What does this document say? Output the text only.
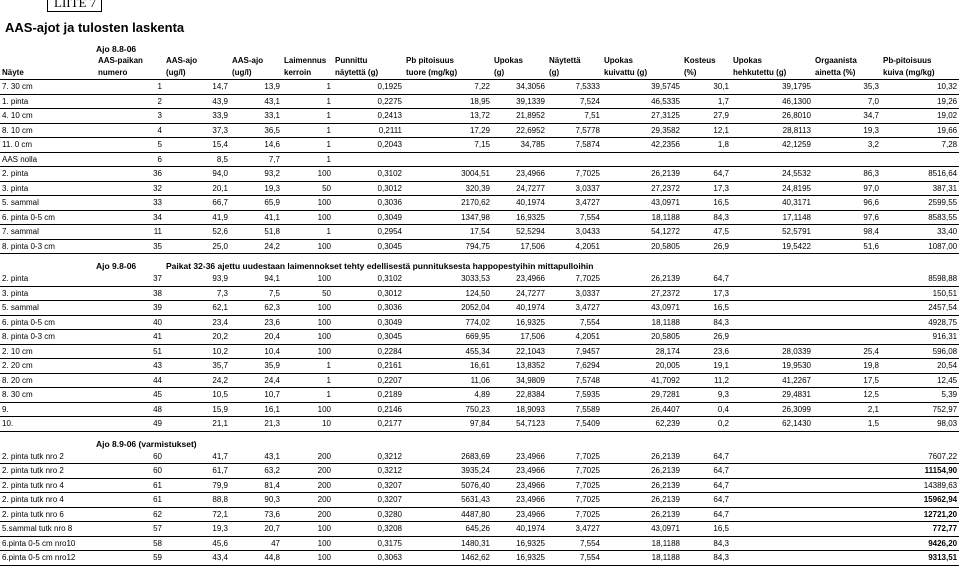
LIITE 7
AAS-ajot ja tulosten laskenta
	Ajo 8.8-06												
	AAS-paikan	AAS-ajo	AAS-ajo	Laimennus	Punnittu	Pb pitoisuus	Upokas	Näytettä	Upokas	Kosteus	Upokas	Orgaanista	Pb-pitoisuus
Näyte	numero	(ug/l)	(ug/l)	kerroin	näytettä (g)	tuore (mg/kg)	(g)	(g)	kuivattu (g)	(%)	hehkutettu (g)	ainetta (%)	kuiva (mg/kg)
7. 30 cm	1	14,7	13,9	1	0,1925	7,22	34,3056	7,5333	39,5745	30,1	39,1795	35,3	10,32
1. pinta	2	43,9	43,1	1	0,2275	18,95	39,1339	7,524	46,5335	1,7	46,1300	7,0	19,26
4. 10 cm	3	33,9	33,1	1	0,2413	13,72	21,8952	7,51	27,3125	27,9	26,8010	34,7	19,02
8. 10 cm	4	37,3	36,5	1	0,2111	17,29	22,6952	7,5778	29,3582	12,1	28,8113	19,3	19,66
11. 0 cm	5	15,4	14,6	1	0,2043	7,15	34,785	7,5874	42,2356	1,8	42,1259	3,2	7,28
AAS nolla	6	8,5	7,7	1									
2. pinta	36	94,0	93,2	100	0,3102	3004,51	23,4966	7,7025	26,2139	64,7	24,5532	86,3	8516,64
3. pinta	32	20,1	19,3	50	0,3012	320,39	24,7277	3,0337	27,2372	17,3	24,8195	97,0	387,31
5. sammal	33	66,7	65,9	100	0,3036	2170,62	40,1974	3,4727	43,0971	16,5	40,3171	96,6	2599,55
6. pinta 0-5 cm	34	41,9	41,1	100	0,3049	1347,98	16,9325	7,554	18,1188	84,3	17,1148	97,6	8583,55
7. sammal	11	52,6	51,8	1	0,2954	17,54	52,5294	3,0433	54,1272	47,5	52,5791	98,4	33,40
8. pinta 0-3 cm	35	25,0	24,2	100	0,3045	794,75	17,506	4,2051	20,5805	26,9	19,5422	51,6	1087,00

	Ajo 9.8-06	Paikat 32-36 ajettu uudestaan laimennokset tehty edellisestä punnituksesta happopestyihin mittapulloihin											
2. pinta	37	93,9	94,1	100	0,3102	3033,53	23,4966	7,7025	26,2139	64,7			8598,88
3. pinta	38	7,3	7,5	50	0,3012	124,50	24,7277	3,0337	27,2372	17,3			150,51
5. sammal	39	62,1	62,3	100	0,3036	2052,04	40,1974	3,4727	43,0971	16,5			2457,54
6. pinta 0-5 cm	40	23,4	23,6	100	0,3049	774,02	16,9325	7,554	18,1188	84,3			4928,75
8. pinta 0-3 cm	41	20,2	20,4	100	0,3045	669,95	17,506	4,2051	20,5805	26,9			916,31
2. 10 cm	51	10,2	10,4	100	0,2284	455,34	22,1043	7,9457	28,174	23,6	28,0339	25,4	596,08
2. 20 cm	43	35,7	35,9	1	0,2161	16,61	13,8352	7,6294	20,005	19,1	19,9530	19,8	20,54
8. 20 cm	44	24,2	24,4	1	0,2207	11,06	34,9809	7,5748	41,7092	11,2	41,2267	17,5	12,45
8. 30 cm	45	10,5	10,7	1	0,2189	4,89	22,8384	7,5935	29,7281	9,3	29,4831	12,5	5,39
9.	48	15,9	16,1	100	0,2146	750,23	18,9093	7,5589	26,4407	0,4	26,3099	2,1	752,97
10.	49	21,1	21,3	10	0,2177	97,84	54,7123	7,5409	62,239	0,2	62,1430	1,5	98,03

	Ajo 8.9-06 (varmistukset)												
2. pinta tutk nro 2	60	41,7	43,1	200	0,3212	2683,69	23,4966	7,7025	26,2139	64,7			7607,22
2. pinta tutk nro 2	60	61,7	63,2	200	0,3212	3935,24	23,4966	7,7025	26,2139	64,7			11154,90
2. pinta tutk nro 4	61	79,9	81,4	200	0,3207	5076,40	23,4966	7,7025	26,2139	64,7			14389,63
2. pinta tutk nro 4	61	88,8	90,3	200	0,3207	5631,43	23,4966	7,7025	26,2139	64,7			15962,94
2. pinta tutk nro 6	62	72,1	73,6	200	0,3280	4487,80	23,4966	7,7025	26,2139	64,7			12721,20
5.sammal tutk nro 8	57	19,3	20,7	100	0,3208	645,26	40,1974	3,4727	43,0971	16,5			772,77
6.pinta 0-5 cm nro10	58	45,6	47	100	0,3175	1480,31	16,9325	7,554	18,1188	84,3			9426,20
6.pinta 0-5 cm nro12	59	43,4	44,8	100	0,3063	1462,62	16,9325	7,554	18,1188	84,3			9313,51
